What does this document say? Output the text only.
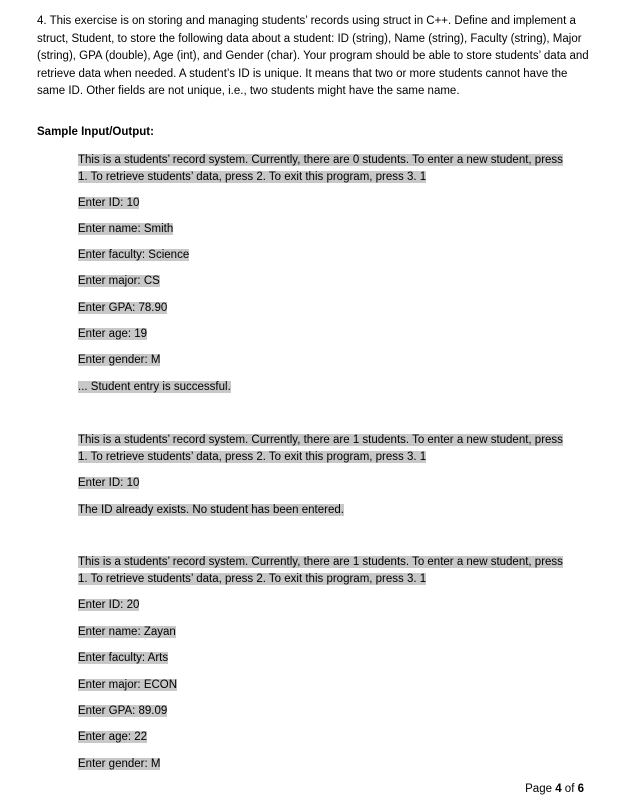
4. This exercise is on storing and managing students’ records using struct in C++. Define and implement a struct, Student, to store the following data about a student: ID (string), Name (string), Faculty (string), Major (string), GPA (double), Age (int), and Gender (char). Your program should be able to store students’ data and retrieve data when needed. A student’s ID is unique. It means that two or more students cannot have the same ID. Other fields are not unique, i.e., two students might have the same name.

Sample Input/Output:

This is a students’ record system. Currently, there are 0 students. To enter a new student, press
1. To retrieve students’ data, press 2. To exit this program, press 3. 1

Enter ID: 10

Enter name: Smith

Enter faculty: Science

Enter major: CS

Enter GPA: 78.90

Enter age: 19

Enter gender: M

... Student entry is successful.

This is a students’ record system. Currently, there are 1 students. To enter a new student, press
1. To retrieve students’ data, press 2. To exit this program, press 3. 1

Enter ID: 10

The ID already exists. No student has been entered.

This is a students’ record system. Currently, there are 1 students. To enter a new student, press
1. To retrieve students’ data, press 2. To exit this program, press 3. 1

Enter ID: 20

Enter name: Zayan

Enter faculty: Arts

Enter major: ECON

Enter GPA: 89.09

Enter age: 22

Enter gender: M

Page 4 of 6
